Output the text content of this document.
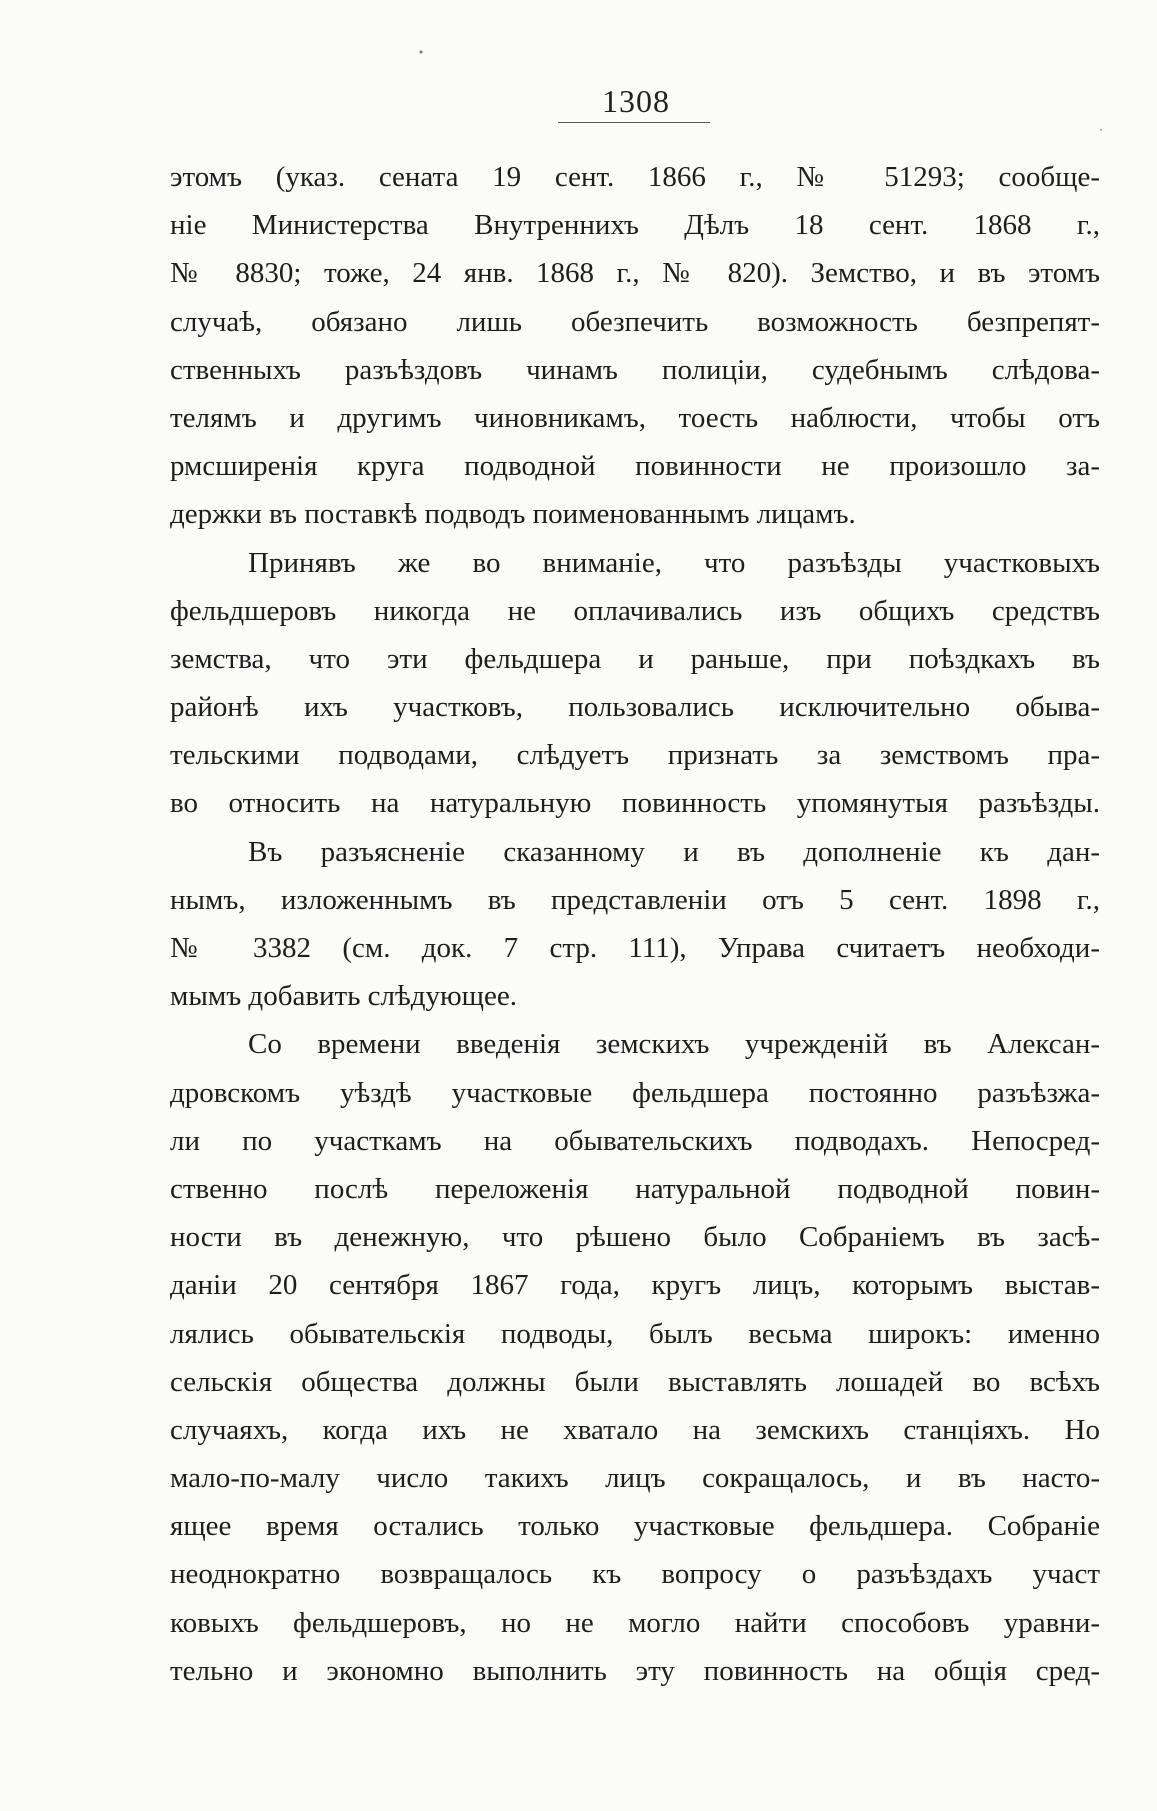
1308
этомъ (указ. сената 19 сент. 1866 г., № 51293; сообще-
ніе Министерства Внутреннихъ Дѣлъ 18 сент. 1868 г.,
№ 8830; тоже, 24 янв. 1868 г., № 820). Земство, и въ этомъ
случаѣ, обязано лишь обезпечить возможность безпрепят-
ственныхъ разъѣздовъ чинамъ полиціи, судебнымъ слѣдова-
телямъ и другимъ чиновникамъ, тоесть наблюсти, чтобы отъ
рмсширенія круга подводной повинности не произошло за-
держки въ поставкѣ подводъ поименованнымъ лицамъ.
Принявъ же во вниманіе, что разъѣзды участковыхъ
фельдшеровъ никогда не оплачивались изъ общихъ средствъ
земства, что эти фельдшера и раньше, при поѣздкахъ въ
районѣ ихъ участковъ, пользовались исключительно обыва-
тельскими подводами, слѣдуетъ признать за земствомъ пра-
во относить на натуральную повинность упомянутыя разъѣзды.
Въ разъясненіе сказанному и въ дополненіе къ дан-
нымъ, изложеннымъ въ представленіи отъ 5 сент. 1898 г.,
№ 3382 (см. док. 7 стр. 111), Управа считаетъ необходи-
мымъ добавить слѣдующее.
Со времени введенія земскихъ учрежденій въ Алексан-
дровскомъ уѣздѣ участковые фельдшера постоянно разъѣзжа-
ли по участкамъ на обывательскихъ подводахъ. Непосред-
ственно послѣ переложенія натуральной подводной повин-
ности въ денежную, что рѣшено было Собраніемъ въ засѣ-
даніи 20 сентября 1867 года, кругъ лицъ, которымъ выстав-
лялись обывательскія подводы, былъ весьма широкъ: именно
сельскія общества должны были выставлять лошадей во всѣхъ
случаяхъ, когда ихъ не хватало на земскихъ станціяхъ. Но
мало-по-малу число такихъ лицъ сокращалось, и въ насто-
ящее время остались только участковые фельдшера. Собраніе
неоднократно возвращалось къ вопросу о разъѣздахъ участ
ковыхъ фельдшеровъ, но не могло найти способовъ уравни-
тельно и экономно выполнить эту повинность на общія сред-
